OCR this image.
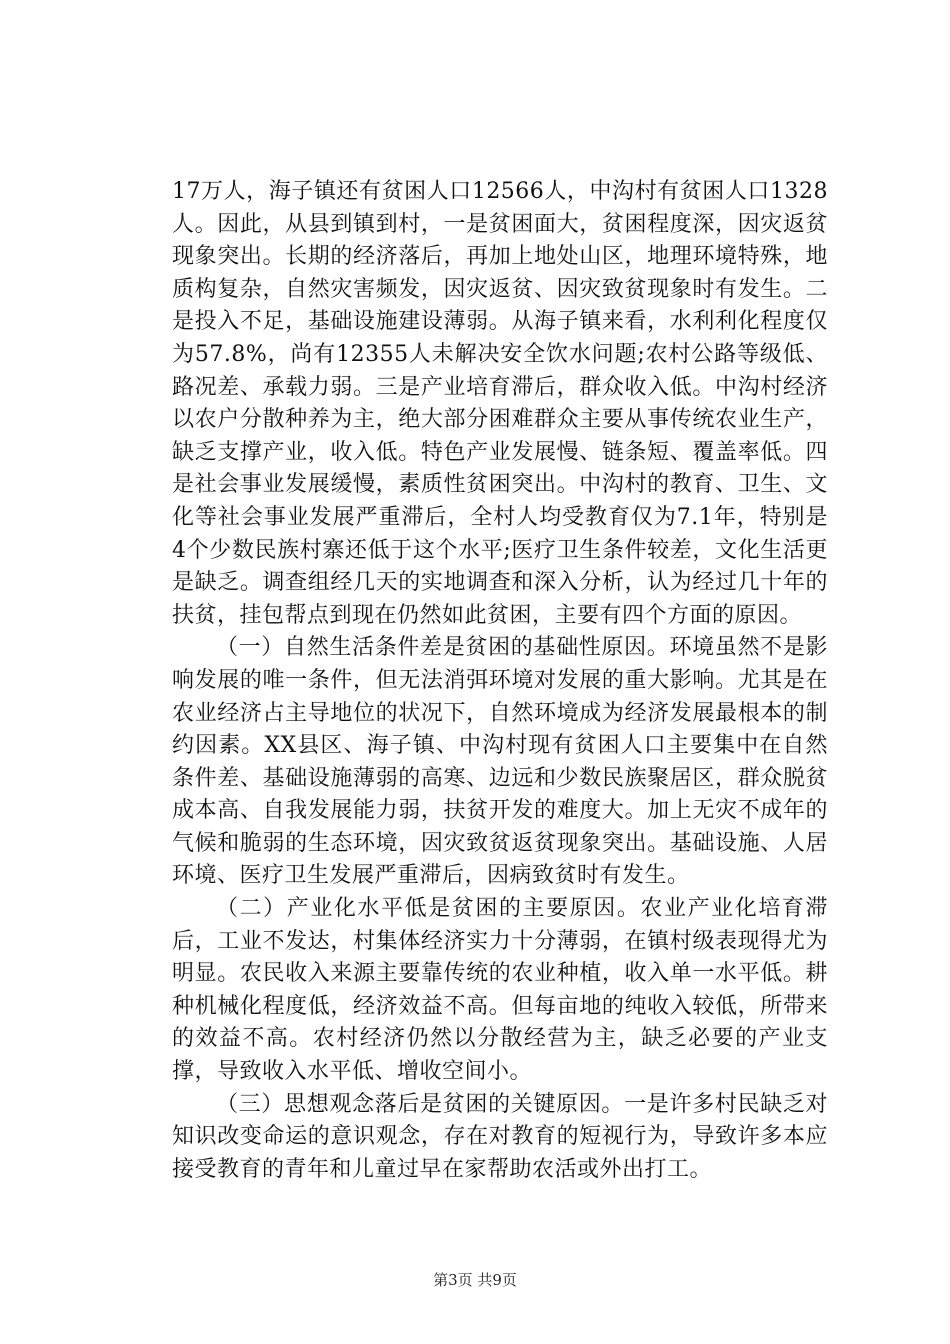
17万人，海子镇还有贫困人口12566人，中沟村有贫困人口1328人。因此，从县到镇到村，一是贫困面大，贫困程度深，因灾返贫现象突出。长期的经济落后，再加上地处山区，地理环境特殊，地质构复杂，自然灾害频发，因灾返贫、因灾致贫现象时有发生。二是投入不足，基础设施建设薄弱。从海子镇来看，水利利化程度仅为57.8%，尚有12355人未解决安全饮水问题;农村公路等级低、路况差、承载力弱。三是产业培育滞后，群众收入低。中沟村经济以农户分散种养为主，绝大部分困难群众主要从事传统农业生产，缺乏支撑产业，收入低。特色产业发展慢、链条短、覆盖率低。四是社会事业发展缓慢，素质性贫困突出。中沟村的教育、卫生、文化等社会事业发展严重滞后，全村人均受教育仅为7.1年，特别是4个少数民族村寨还低于这个水平;医疗卫生条件较差，文化生活更是缺乏。调查组经几天的实地调查和深入分析，认为经过几十年的扶贫，挂包帮点到现在仍然如此贫困，主要有四个方面的原因。

（一）自然生活条件差是贫困的基础性原因。环境虽然不是影响发展的唯一条件，但无法消弭环境对发展的重大影响。尤其是在农业经济占主导地位的状况下，自然环境成为经济发展最根本的制约因素。XX县区、海子镇、中沟村现有贫困人口主要集中在自然条件差、基础设施薄弱的高寒、边远和少数民族聚居区，群众脱贫成本高、自我发展能力弱，扶贫开发的难度大。加上无灾不成年的气候和脆弱的生态环境，因灾致贫返贫现象突出。基础设施、人居环境、医疗卫生发展严重滞后，因病致贫时有发生。

（二）产业化水平低是贫困的主要原因。农业产业化培育滞后，工业不发达，村集体经济实力十分薄弱，在镇村级表现得尤为明显。农民收入来源主要靠传统的农业种植，收入单一水平低。耕种机械化程度低，经济效益不高。但每亩地的纯收入较低，所带来的效益不高。农村经济仍然以分散经营为主，缺乏必要的产业支撑，导致收入水平低、增收空间小。

（三）思想观念落后是贫困的关键原因。一是许多村民缺乏对知识改变命运的意识观念，存在对教育的短视行为，导致许多本应接受教育的青年和儿童过早在家帮助农活或外出打工。

第3页 共9页
